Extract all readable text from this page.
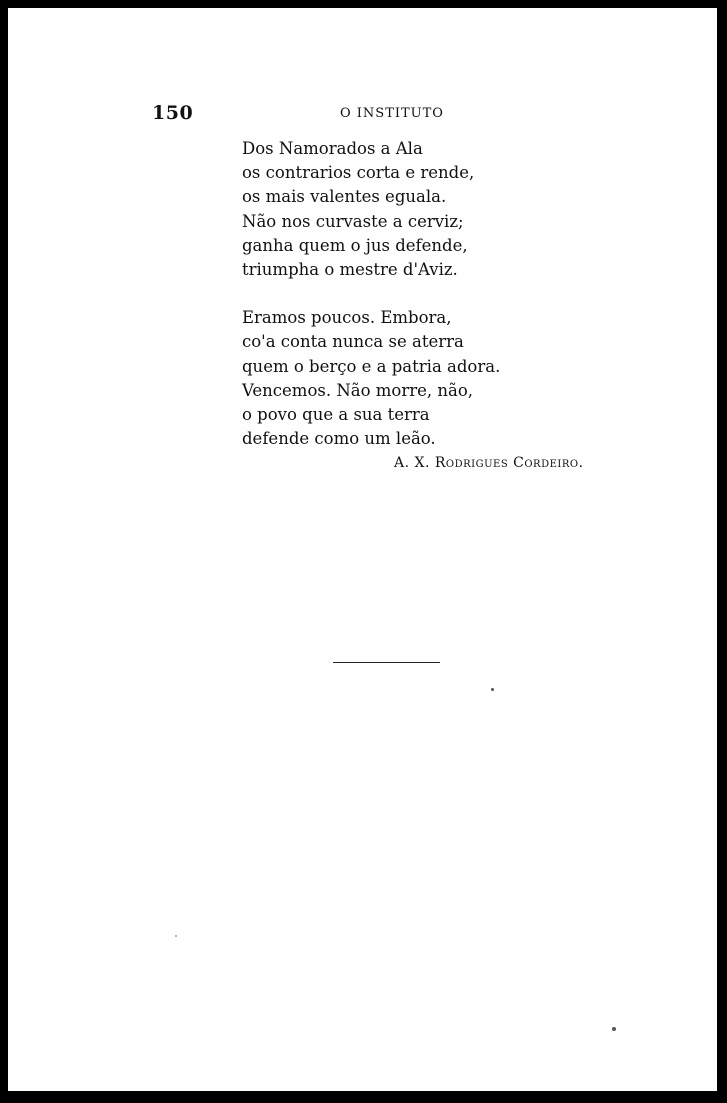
150	O INSTITUTO

Dos Namorados a Ala
os contrarios corta e rende,
os mais valentes eguala.
Não nos curvaste a cerviz;
ganha quem o jus defende,
triumpha o mestre d'Aviz.

Eramos poucos. Embora,
co'a conta nunca se aterra
quem o berço e a patria adora.
Vencemos. Não morre, não,
o povo que a sua terra
defende como um leão.

A. X. Rodrigues Cordeiro.
